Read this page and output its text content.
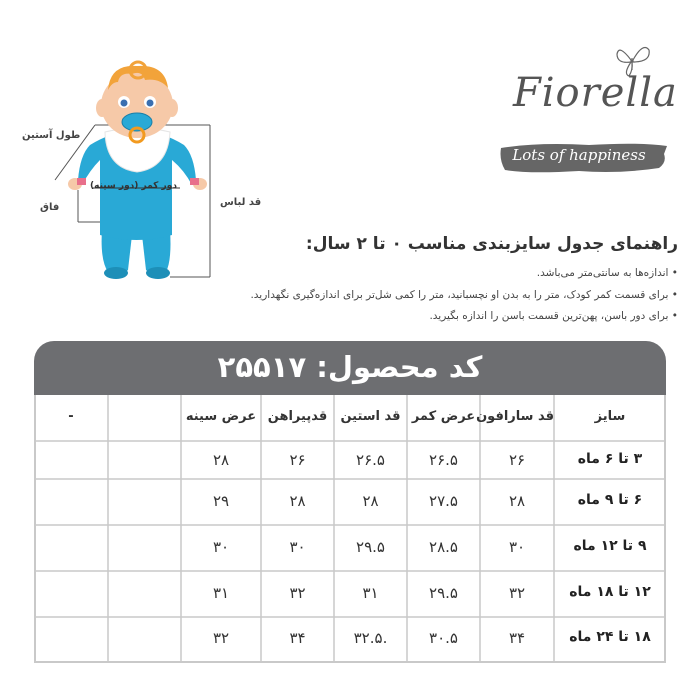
طول آستین
دور کمر (دور سینه)
فاق	قد لباس
Fiorella
Lots of happiness
راهنمای جدول سایزبندی مناسب ۰ تا ۲ سال:
• اندازه‌ها به سانتی‌متر می‌باشد.
• برای قسمت کمر کودک، متر را به بدن او نچسبانید، متر را کمی شل‌تر برای اندازه‌گیری نگهدارید.
• برای دور باسن، پهن‌ترین قسمت باسن را اندازه بگیرید.
کد محصول: ۲۵۵۱۷
سایز
قد سارافون
عرض کمر
قد استین
قدپیراهن
عرض سینه
-
۳ تا ۶ ماه
۲۶
۲۶.۵
۲۶.۵
۲۶
۲۸
۶ تا ۹ ماه
۲۸
۲۷.۵
۲۸
۲۸
۲۹
۹ تا ۱۲ ماه
۳۰
۲۸.۵
۲۹.۵
۳۰
۳۰
۱۲ تا ۱۸ ماه
۳۲
۲۹.۵
۳۱
۳۲
۳۱
۱۸ تا ۲۴ ماه
۳۴
۳۰.۵
.۳۲.۵
۳۴
۳۲
